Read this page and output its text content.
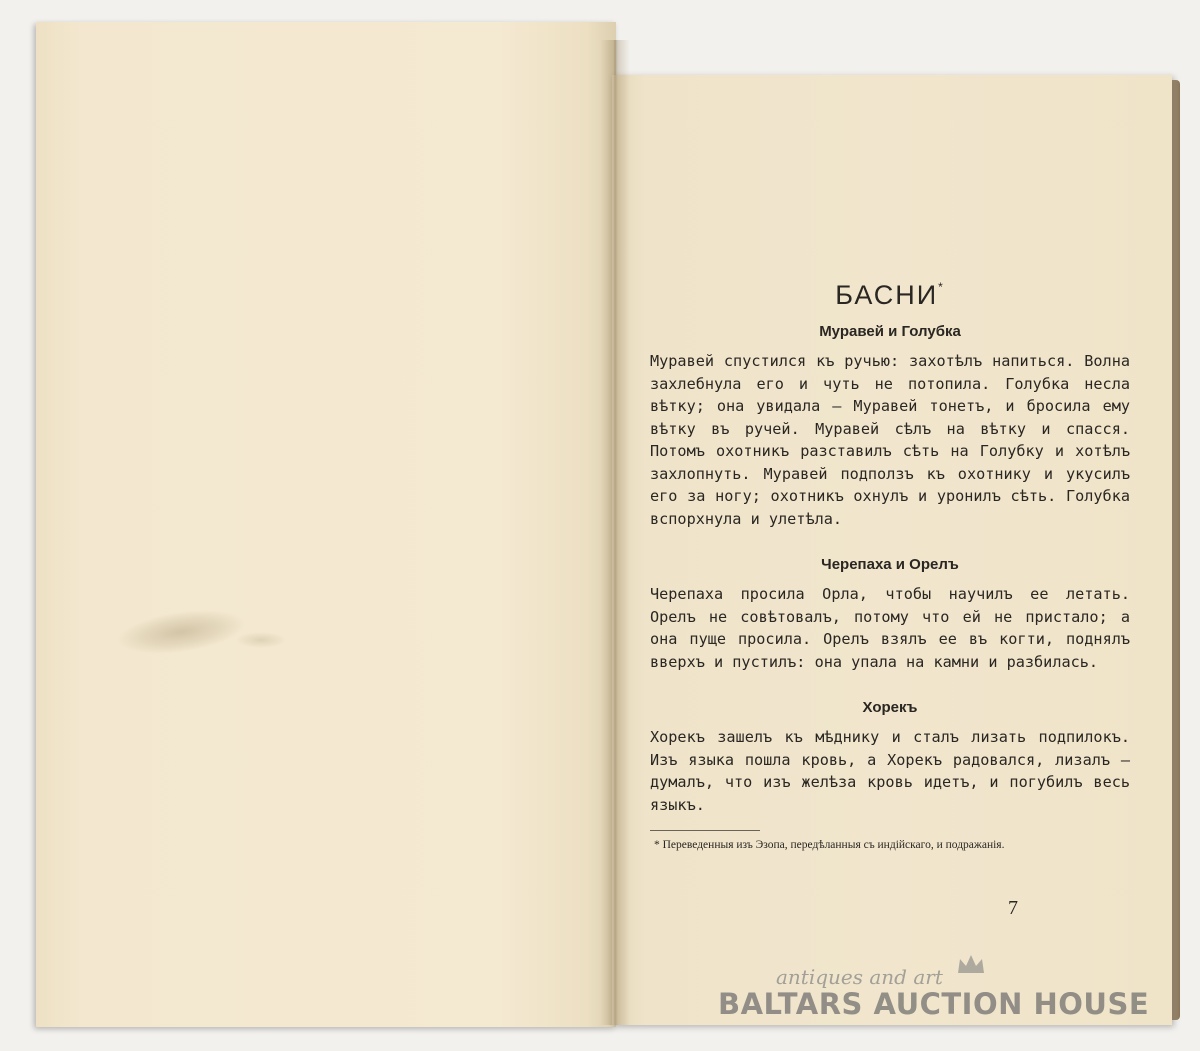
БАСНИ*
Муравей и Голубка

Муравей спустился къ ручью: захотѣлъ напиться. Волна захлебнула его и чуть не потопила. Голубка несла вѣтку; она увидала — Муравей тонетъ, и бросила ему вѣтку въ ручей. Муравей сѣлъ на вѣтку и спасся. Потомъ охотникъ разставилъ сѣть на Голубку и хотѣлъ захлопнуть. Муравей подползъ къ охотнику и укусилъ его за ногу; охотникъ охнулъ и уронилъ сѣть. Голубка вспорхнула и улетѣла.

Черепаха и Орелъ

Черепаха просила Орла, чтобы научилъ ее летать. Орелъ не совѣтовалъ, потому что ей не пристало; а она пуще просила. Орелъ взялъ ее въ когти, поднялъ вверхъ и пустилъ: она упала на камни и разбилась.

Хорекъ

Хорекъ зашелъ къ мѣднику и сталъ лизать подпилокъ. Изъ языка пошла кровь, а Хорекъ радовался, лизалъ — думалъ, что изъ желѣза кровь идетъ, и погубилъ весь языкъ.

* Переведенныя изъ Эзопа, передѣланныя съ индійскаго, и подражанія.

7
antiques and art
BALTARS AUCTION HOUSE
